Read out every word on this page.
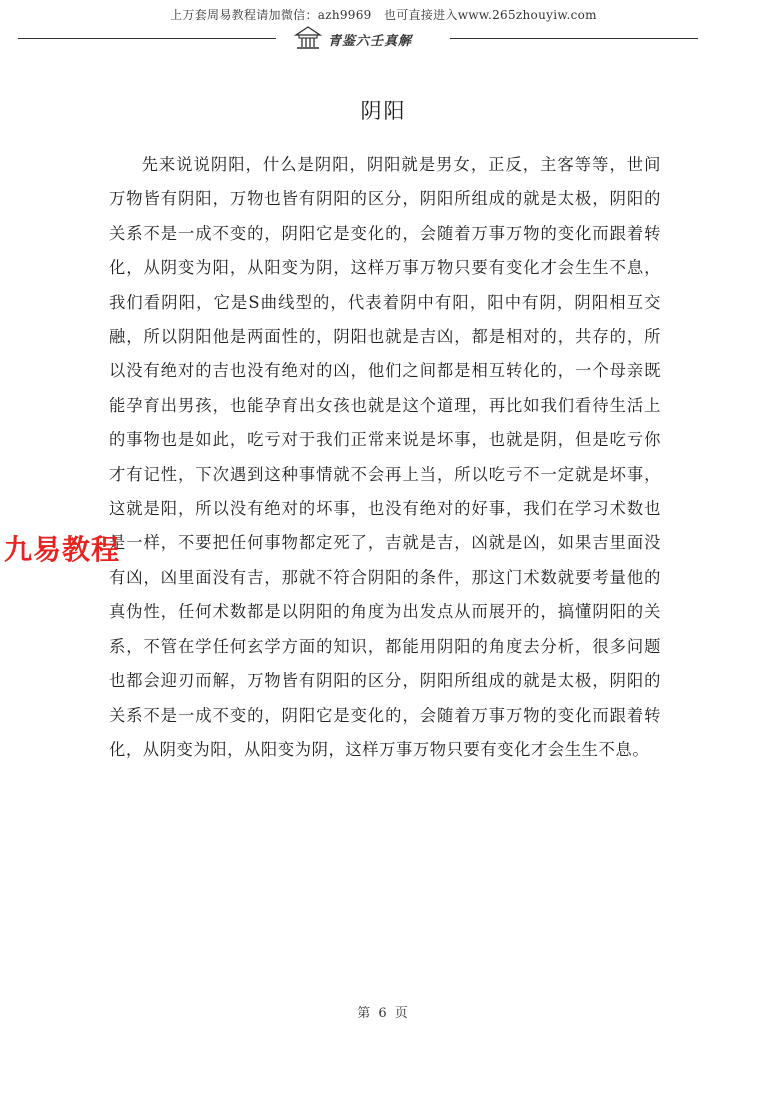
上万套周易教程请加微信：azh9969　也可直接进入www.265zhouyiw.com
青鉴六壬真解
阴阳

先来说说阴阳，什么是阴阳，阴阳就是男女，正反，主客等等，世间万物皆有阴阳，万物也皆有阴阳的区分，阴阳所组成的就是太极，阴阳的关系不是一成不变的，阴阳它是变化的，会随着万事万物的变化而跟着转化，从阴变为阳，从阳变为阴，这样万事万物只要有变化才会生生不息，我们看阴阳，它是S曲线型的，代表着阴中有阳，阳中有阴，阴阳相互交融，所以阴阳他是两面性的，阴阳也就是吉凶，都是相对的，共存的，所以没有绝对的吉也没有绝对的凶，他们之间都是相互转化的，一个母亲既能孕育出男孩，也能孕育出女孩也就是这个道理，再比如我们看待生活上的事物也是如此，吃亏对于我们正常来说是坏事，也就是阴，但是吃亏你才有记性，下次遇到这种事情就不会再上当，所以吃亏不一定就是坏事，这就是阳，所以没有绝对的坏事，也没有绝对的好事，我们在学习术数也是一样，不要把任何事物都定死了，吉就是吉，凶就是凶，如果吉里面没有凶，凶里面没有吉，那就不符合阴阳的条件，那这门术数就要考量他的真伪性，任何术数都是以阴阳的角度为出发点从而展开的，搞懂阴阳的关系，不管在学任何玄学方面的知识，都能用阴阳的角度去分析，很多问题也都会迎刃而解，万物皆有阴阳的区分，阴阳所组成的就是太极，阴阳的关系不是一成不变的，阴阳它是变化的，会随着万事万物的变化而跟着转化，从阴变为阳，从阳变为阴，这样万事万物只要有变化才会生生不息。

九易教程
第 6 页
